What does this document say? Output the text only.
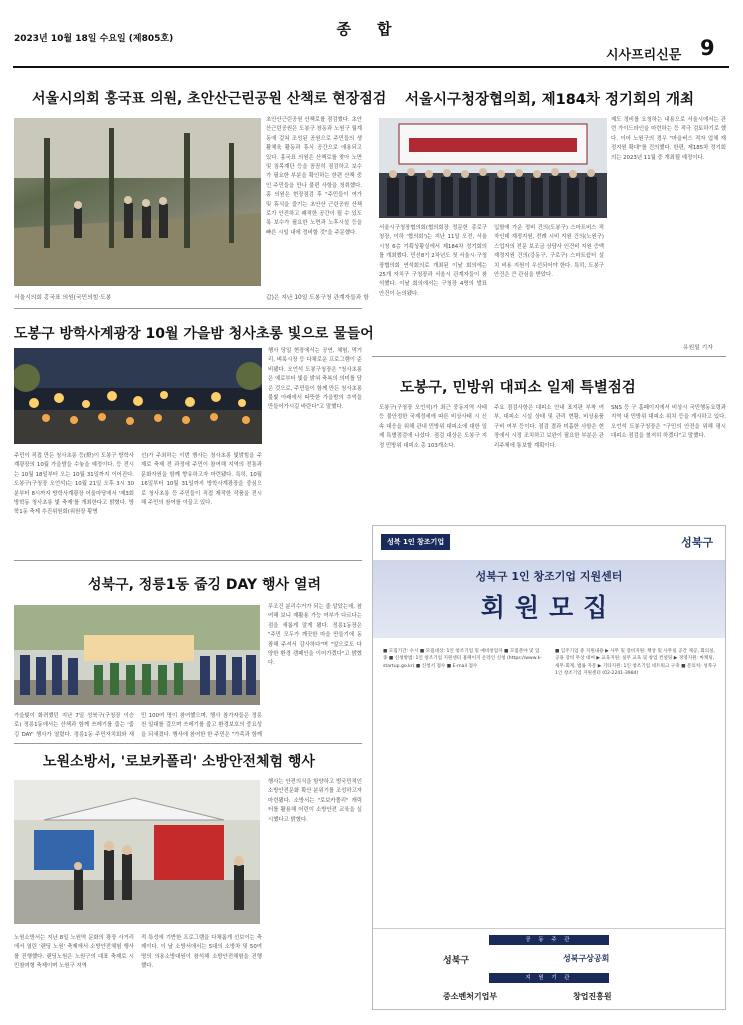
2023년 10월 18일 수요일 (제805호)
종합
시사프리신문 9
서울시의회 홍국표 의원, 초안산근린공원 산책로 현장점검
서울시의회 홍국표 의원(국민의힘·도봉
초안산근린공원 산책로를 점검했다. 초안산근린공원은 도봉구 창동과 노원구 월계동에 걸쳐 조성된 공원으로 주민들의 생활체육 활동과 휴식 공간으로 애용되고 있다. 홍국표 의원은 산책로를 찾아 노면 및 침목계단 등을 꼼꼼히 점검하고 보수가 필요한 부분을 확인하는 한편 산책 중인 주민들을 만나 불편 사항을 청취했다. 홍 의원은 현장점검 후 "주민들이 여가 및 휴식을 즐기는 초안산 근린공원 산책로가 안전하고 쾌적한 공간이 될 수 있도록 보수가 필요한 노면과 노후시설 등을 빠른 시일 내에 정비할 것"을 주문했다.
갑)은 지난 10일 도봉구청 관계자들과 함
서울시구청장협의회, 제184차 정기회의 개최
제도 정비를 요청하는 내용으로 서울시에서는 관련 가이드라인을 마련하는 등 적극 검토하기로 했다. 이어 노원구의 경우 "마을버스 적자 업체 재정지원 확대"를 건의했다. 한편, 제185차 정기회의는 2023년 11월 중 개최될 예정이다.
서울시구청장협의회(협의회장 정문헌 종로구청장, 이하 '협의회')는 지난 11일 오전, 서울시청 6층 기획상황실에서 제184차 정기회의를 개최했다. 민선8기 2차년도 첫 서울시·구청장협의회 연석회의로 개최된 이날 회의에는 25개 자치구 구청장과 서울시 관계자들이 참석했다. 이날 회의에서는 구청장 4명의 발표 안건이 논의됐다.
입함에 가운 정비 건의(도봉구) 스마트버스 적자인데 재정지원, 전례 시비 지원 건의(노원구) 스업자의 전문 보조금 상담사 인건비 지원 증액 재정지원 건의(강동구, 구로구) 스마트쉼터 설치 비용 지원이 우선되어야 한다. 특히, 도봉구 안건은 큰 관심을 받았다.
유원일 기자
도봉구 방학사계광장 10월 가을밤 청사초롱 빛으로 물들어
행사 당일 현장에서는 공연, 체험, 먹거리, 벼룩시장 등 다채로운 프로그램이 준비됐다. 오언석 도봉구청장은 "청사초롱은 예로부터 빛을 밝혀 축복의 의미를 담은 것으로, 주민들이 함께 만든 청사초롱 불빛 아래에서 따뜻한 가을밤의 추억을 만들어가시길 바란다"고 말했다.
주민이 직접 만든 청사초롱 등(燈)이 도봉구 방학사계광장의 10월 가을밤을 수놓을 예정이다. 등 전시는 10월 18일부터 오는 10월 31일까지 이어진다. 도봉구(구청장 오언석)는 10월 21일 오후 3시 30분부터 8시까지 방학사계광장 어울마당에서 '제3회 방학동 청사초롱 빛 축제'를 개최한다고 밝혔다. 방학1동 축제 추진위원회(위원장 황병
선)가 주최하는 이번 행사는 청사초롱 빛밝힘을 주제로 축제 전 과정에 주민이 참여해 지역의 전통과 문화자원을 함께 향유하고자 마련됐다. 특히, 10월 16일부터 10월 31일까지 방학사계광장을 중심으로 청사초롱 등 주민들이 직접 제작한 작품을 전시해 주민의 참여를 이끌고 있다.
도봉구, 민방위 대피소 일제 특별점검
도봉구(구청장 오언석)가 최근 중동지역 사태 등 불안정한 국제정세에 따른 비상사태 시 신속 대응을 위해 관내 민방위 대피소에 대한 일제 특별점검에 나섰다. 점검 대상은 도봉구 지정 민방위 대피소 총 103개소다.
주요 점검사항은 대피소 안내 표지판 부착 여부, 대피소 시설 상태 및 관리 현황, 비상용품 구비 여부 등이다. 점검 결과 미흡한 사항은 현장에서 시정 조치하고 보완이 필요한 부분은 관리주체에 통보할 계획이다.
SNS 등 구 홈페이지에서 비상시 국민행동요령과 지역 내 민방위 대피소 위치 등을 게시하고 있다. 오언석 도봉구청장은 "구민의 안전을 위해 평시 대피소 점검을 철저히 하겠다"고 말했다.
성북구, 정릉1동 줍깅 DAY 행사 열려
무조건 분리수거가 되는 줄 알았는데, 참여해 보니 재활용 가능 여부가 다르다는 점을 새롭게 알게 됐다. 정릉1동장은 "주민 모두가 깨끗한 마을 만들기에 동참해 주셔서 감사하다"며 "앞으로도 다양한 환경 캠페인을 이어가겠다"고 밝혔다.
가을빛이 화려했던 지난 7일 성북구(구청장 이승로) 정릉1동에서는 산책과 함께 쓰레기를 줍는 '줍깅 DAY' 행사가 열렸다. 정릉1동 주민자치회와 새
민 100여 명이 참여했으며, 행사 참가자들은 정릉천 일대를 걸으며 쓰레기를 줍고 환경보호의 중요성을 되새겼다. 행사에 참여한 한 주민은 "가족과 함께
노원소방서, '로보카폴리' 소방안전체험 행사
행사는 안전의식을 함양하고 범국민적인 소방안전문화 확산 분위기를 조성하고자 마련됐다. 소방서는 "로보카폴리" 캐릭터를 활용해 어린이 소방안전 교육을 실시했다고 밝혔다.
노원소방서는 지난 8일 노원역 문화의 광장 사거리에서 열린 '랜딩 노원' 축제에서 소방안전체험 행사를 진행했다. 랜딩노원은 노원구의 대표 축제로 시민참여형 축제이며 노원구 지역
적 특성에 기반한 프로그램을 다채롭게 선보이는 축제이다. 이 날 소방서에서는 5대의 소방차 및 50여 명의 의용소방대원이 참석해 소방안전체험을 진행했다.
성북 1인 창조기업	성북구
성북구 1인 창조기업 지원센터
회원모집
■ 모집기간: 수시 ■ 모집대상: 1인 창조기업 및 예비창업자 ■ 모집분야 및 업종 ■ 신청방법: 1인 창조기업 지원센터 홈페이지 온라인 신청 (https://www.k-startup.go.kr) ■ 신청서 접수 ■ E-mail 접수
■ 입주기업 중 지원내용 ▶ 사무 및 장비지원: 책상 및 사무실 공간 제공, 회의실, 공용 장비 무상 대여 ▶ 교육지원: 실무 교육 및 창업 컨설팅 ▶ 경영지원: 마케팅, 세무·회계, 법률 자문 ▶ 기타지원: 1인 창조기업 네트워크 구축 ■ 문의처: 성북구 1인 창조기업 지원센터 (02-2241-3984)
공 동 주 관
성북구	성북구상공회
지 원 기 관
중소벤처기업부	창업진흥원
